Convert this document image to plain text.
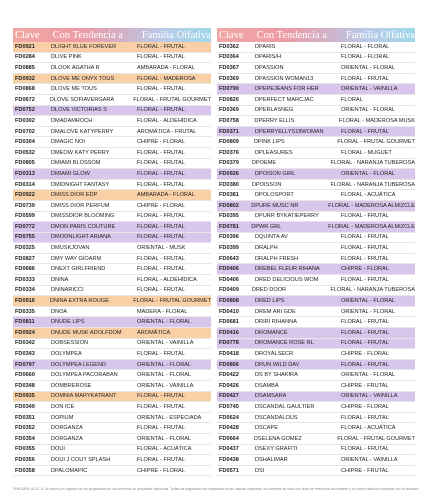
Clave	Con Tendencia a	Familia Olfativa
FD0921	DLIGHT BLUE FOREVER	FLORAL - FRUTAL
FD0284	DLIVE PINK	FLORAL - FRUTAL
FD0885	DLOOK AGATHA R	AMBARADA - FLORAL
FD0932	DLOVE ME ONYX TOUS	FLORAL - MADEROSA
FD0868	DLOVE ME TOUS	FLORAL - FRUTAL
FD0672	DLOVE SOFIAVERGARA	FLORAL - FRUTAL GOURMET
FD0752	DLOVE VICTORIAS S	FLORAL - FRUTAL
FD0302	DMADAMROCH	FLORAL - ALDEHÍDICA
FD0702	DMALOVE KATYPERRY	AROMÁTICA - FRUTAL
FD0304	DMAGIC NOI	CHIPRE - FLORAL
FD0532	DMEOW KATY PERRY	FLORAL - FRUTAL
FD0805	DMIAMI BLOSSOM	FLORAL - FRUTAL
FD0313	DMIAMI GLOW	FLORAL - FRUTAL
FD0314	DMIDNIGHT FANTASY	FLORAL - FRUTAL
FD0922	DMISS DIOR EDP	AMBARADA - FLORAL
FD0739	DMISS DIOR PERFUM	CHIPRE - FLORAL
FD0599	DMISSDIOR BLOOMING	FLORAL - FRUTAL
FD0772	DMON PARIS COUTURE	FLORAL - FRUTAL
FD0755	DMOONLIGHT ARIANA	FLORAL - FRUTAL
FD0325	DMUSKJOVAN	ORIENTAL - MUSK
FD0827	DMY WAY GIOARM	FLORAL - FRUTAL
FD0686	DNEXT GIRLFRIEND	FLORAL - FRUTAL
FD0333	DNINA	FLORAL - ALDEHÍDICA
FD0334	DNINARICCI	FLORAL - FRUTAL
FD0916	DNINA EXTRA ROUGE	FLORAL - FRUTAL GOURMET
FD0335	DNOA	MADERA - FLORAL
FD0811	DNUDE LIPS	ORIENTAL - FLORAL
FD0924	DNUDE MUSK ADOLFDOM	AROMÁTICA
FD0342	DOBSESSION	ORIENTAL - VAINILLA
FD0343	DOLYMPEA	FLORAL - FRUTAL
FD0797	DOLYMPEA LEGEND	ORIENTAL - FLORAL
FD0660	DOLYMPEA PACORABAN	ORIENTAL - FLORAL
FD0348	DOMBREROSE	ORIENTAL - VAINILLA
FD0935	DOMNIA MARYKATRANT	FLORAL - FRUTAL
FD0349	DON ICE	FLORAL - FRUTAL
FD0351	DOPIUM	ORIENTAL - ESPECIADA
FD0352	DORGANZA	FLORAL - FRUTAL
FD0354	DORGANZA	ORIENTAL - FLORAL
FD0355	DOUI	FLORAL - ACUÁTICA
FD0356	DOUI J COUT SPLASH	FLORAL - FRUTAL
FD0358	DPALOMAPIC	CHIPRE - FLORAL
Clave	Con Tendencia a	Familia Olfativa
FD0362	DPARIS	FLORAL - FLORAL
FD0364	DPARIS/H	FLORAL - FLORAL
FD0367	DPASSION	ORIENTAL - FLORAL
FD0369	DPASSION WOMAN13	FLORAL - FRUTAL
FD0790	DPEPEJEANS FOR HER	ORIENTAL - VAINILLA
FD0826	DPERFECT MARCJAC	FLORAL
FD0369	DPERLASNEG	ORIENTAL - FLORAL
FD0758	DPERRY ELLIS	FLORAL - MADEROSA MUSK
FD0371	DPERRYELLYS18WOMAN	FLORAL - FRUTAL
FD0809	DPINK LIPS	FLORAL - FRUTAL GOURMET
FD0376	DPLEASURES	FLORAL - MUGUET
FD0379	DPOEME	FLORAL - NARANJA TUBEROSA
FD0926	DPOISON GIRL	ORIENTAL - FLORAL
FD0380	DPOISSON	FLORAL - NARANJA TUBEROSA
FD0381	DPOLOSPORT	FLORAL - ACUÁTICA
FD0802	DPURE MUSC NR	FLORAL - MADEROSA ALMIZCLE
FD0395	DPURR BYKATIEPERRY	FLORAL - FRUTAL
FD0781	DPWR GRL	FLORAL - MADEROSA ALMIZCLE
FD0396	DQUINTA AV	FLORAL - FRUTAL
FD0399	DRALPH	FLORAL - FRUTAL
FD0643	DRALPH FRESH	FLORAL - FRUTAL
FD0406	DREBEL FLEUR RIHANA	CHIPRE - FLORAL
FD0406	DRED DELICIOUS WOM	FLORAL - FRUTAL
FD0409	DRED DOOR	FLORAL - NARANJA TUBEROSA
FD0808	DRED LIPS	ORIENTAL - FLORAL
FD0410	DREM ARI GDE	ORIENTAL - FLORAL
FD0681	DRIRI RIHANNA	FLORAL - FRUTAL
FD0416	DROMANCE	FLORAL - FRUTAL
FD0778	DROMANCE ROSE RL	FLORAL - FRUTAL
FD0418	DROYALSECR	CHIPRE - FLORAL
FD0806	DRUN WILD DAV	FLORAL - FRUTAL
FD0422	DS BY SHAKIRA	ORIENTAL - FLORAL
FD0426	DSAMBA	CHIPRE - FRUTAL
FD0427	DSAMSARA	ORIENTAL - VAINILLA
FD0745	DSCANDAL GAULTIER	CHIPRE - FLORAL
FD0624	DSCANDALOUS	FLORAL - FRUTAL
FD0428	DSCAPE	FLORAL - ACUÁTICA
FD0664	DSELENA GOMEZ	FLORAL - FRUTAL GOURMET
FD0437	DSEXY GRAFITI	FLORAL - FRUTAL
FD0438	DSHALIMAR	ORIENTAL - VAINILLA
FD0571	DSI	CHIPRE - FRUTAL
ZPAGURA 16.3.C.5. La marca y el logotipo de los propietarios de los derechos de propiedad intelectual. Todas las fragancias son inspiradas en las marcas originales; los nombres se usan con fines de referencia únicamente y no tienen relación comercial con los titulares.
